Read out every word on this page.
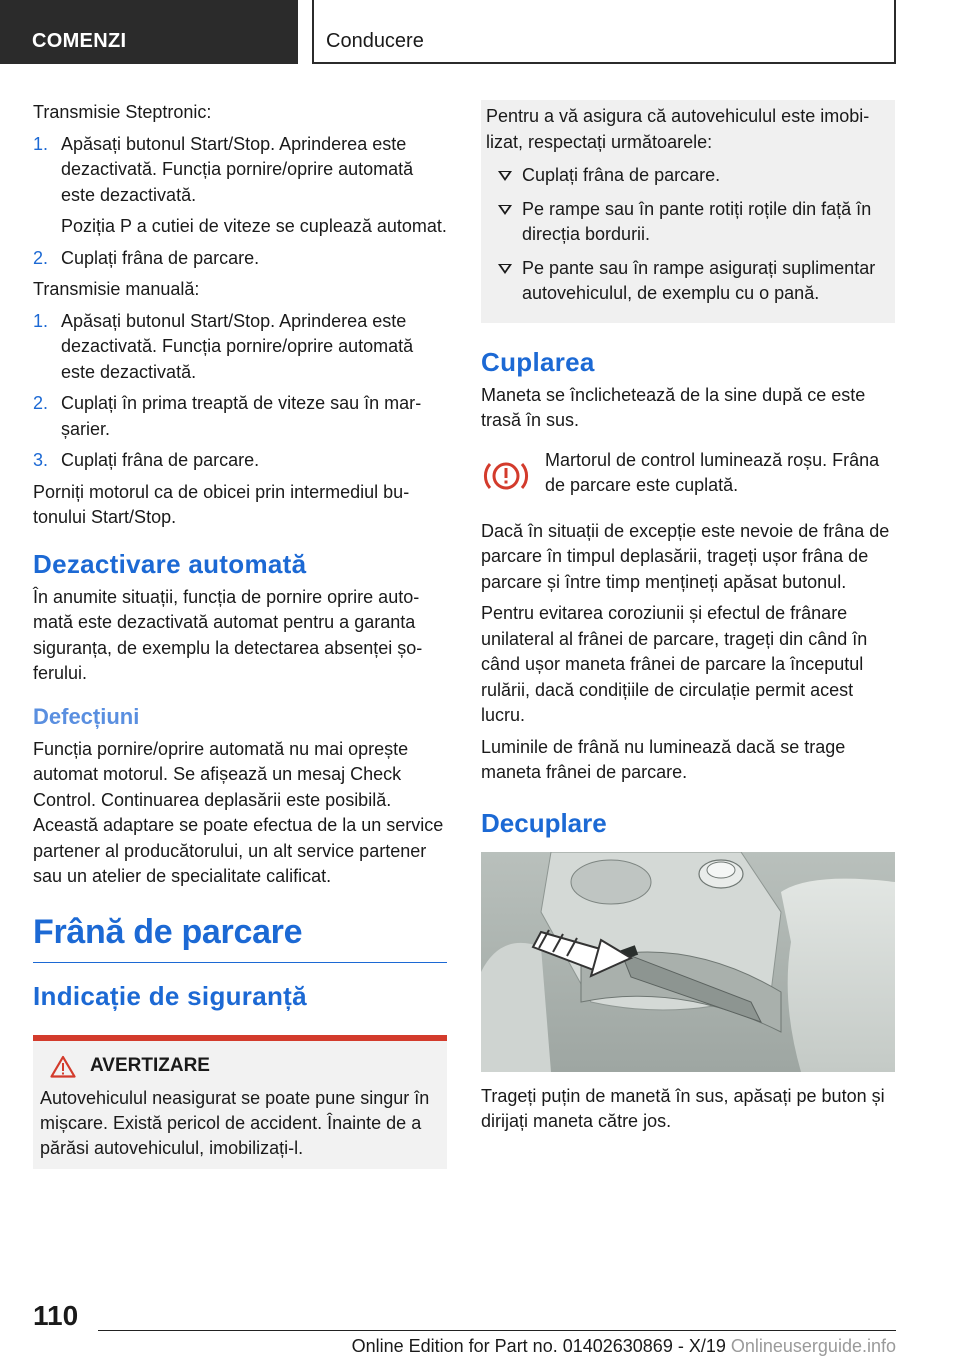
COMENZI	Conducere

Transmisie Steptronic:

1. Apăsați butonul Start/Stop. Aprinderea este dezactivată. Funcția pornire/oprire automată este dezactivată.
Poziția P a cutiei de viteze se cuplează automat.
2. Cuplați frâna de parcare.

Transmisie manuală:

1. Apăsați butonul Start/Stop. Aprinderea este dezactivată. Funcția pornire/oprire automată este dezactivată.
2. Cuplați în prima treaptă de viteze sau în marșarier.
3. Cuplați frâna de parcare.

Porniți motorul ca de obicei prin intermediul butonului Start/Stop.

Dezactivare automată

În anumite situații, funcția de pornire oprire automată este dezactivată automat pentru a garanta siguranța, de exemplu la detectarea absenței șoferului.

Defecțiuni

Funcția pornire/oprire automată nu mai oprește automat motorul. Se afișează un mesaj Check Control. Continuarea deplasării este posibilă. Această adaptare se poate efectua de la un service partener al producătorului, un alt service partener sau un atelier de specialitate calificat.

Frână de parcare
Indicație de siguranță
AVERTIZARE

Autovehiculul neasigurat se poate pune singur în mișcare. Există pericol de accident. Înainte de a părăsi autovehiculul, imobilizați-l.

Pentru a vă asigura că autovehiculul este imobilizat, respectați următoarele:

Cuplați frâna de parcare.
Pe rampe sau în pante rotiți roțile din față în direcția bordurii.
Pe pante sau în rampe asigurați suplimentar autovehiculul, de exemplu cu o pană.
Cuplarea

Maneta se înclichetează de la sine după ce este trasă în sus.

Martorul de control luminează roșu. Frâna de parcare este cuplată.

Dacă în situații de excepție este nevoie de frâna de parcare în timpul deplasării, trageți ușor frâna de parcare și între timp mențineți apăsat butonul.

Pentru evitarea coroziunii și efectul de frânare unilateral al frânei de parcare, trageți din când în când ușor maneta frânei de parcare la începutul rulării, dacă condițiile de circulație permit acest lucru.

Luminile de frână nu luminează dacă se trage maneta frânei de parcare.

Decuplare

Trageți puțin de manetă în sus, apăsați pe buton și dirijați maneta către jos.

110
Online Edition for Part no. 01402630869 - X/19 Onlineuserguide.info
